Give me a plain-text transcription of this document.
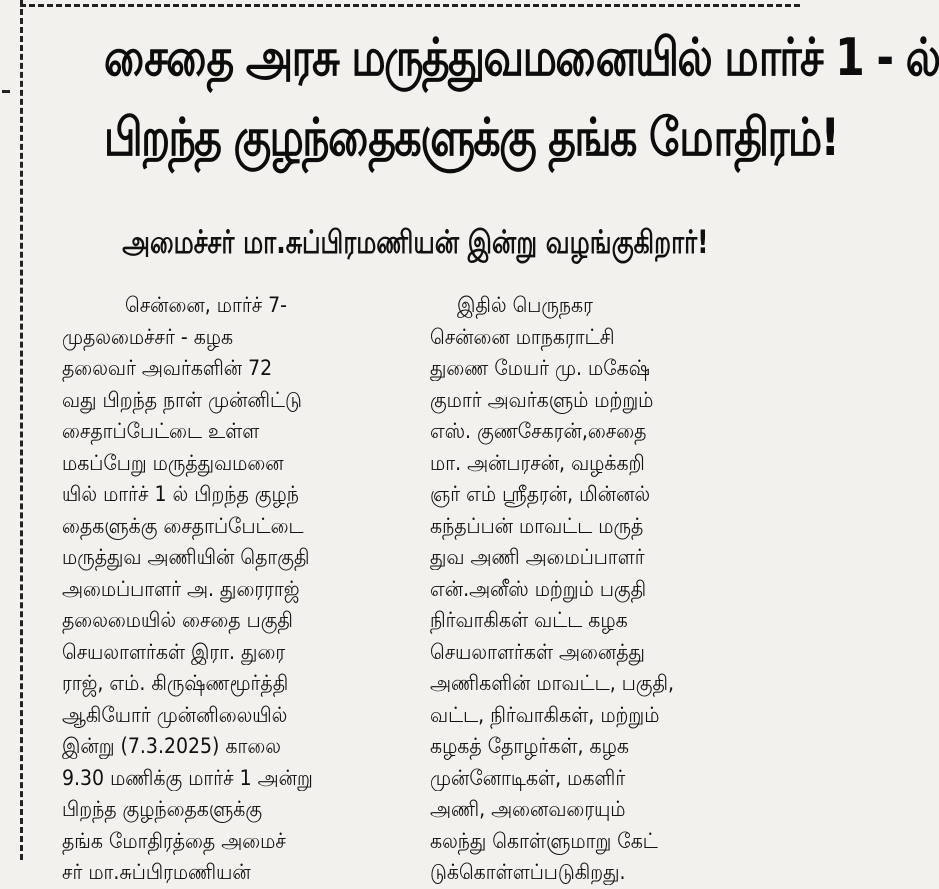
சைதை அரசு மருத்துவமனையில் மார்ச் 1 - ல்
பிறந்த குழந்தைகளுக்கு தங்க மோதிரம்!
அமைச்சர் மா.சுப்பிரமணியன் இன்று வழங்குகிறார்!
சென்னை, மார்ச் 7-
முதலமைச்சர் - கழக
தலைவர் அவர்களின் 72
வது பிறந்த நாள் முன்னிட்டு
சைதாப்பேட்டை உள்ள
மகப்பேறு மருத்துவமனை
யில் மார்ச் 1 ல் பிறந்த குழந்
தைகளுக்கு சைதாப்பேட்டை
மருத்துவ அணியின் தொகுதி
அமைப்பாளர் அ. துரைராஜ்
தலைமையில் சைதை பகுதி
செயலாளர்கள் இரா. துரை
ராஜ், எம். கிருஷ்ணமூர்த்தி
ஆகியோர் முன்னிலையில்
இன்று (7.3.2025) காலை
9.30 மணிக்கு மார்ச் 1 அன்று
பிறந்த குழந்தைகளுக்கு
தங்க மோதிரத்தை அமைச்
சர் மா.சுப்பிரமணியன்
இதில் பெருநகர
சென்னை மாநகராட்சி
துணை மேயர் மு. மகேஷ்
குமார் அவர்களும் மற்றும்
எஸ். குணசேகரன்,சைதை
மா. அன்பரசன், வழக்கறி
ஞர் எம் ஸ்ரீதரன், மின்னல்
கந்தப்பன் மாவட்ட மருத்
துவ அணி அமைப்பாளர்
என்.அனீஸ் மற்றும் பகுதி
நிர்வாகிகள் வட்ட கழக
செயலாளர்கள் அனைத்து
அணிகளின் மாவட்ட, பகுதி,
வட்ட, நிர்வாகிகள், மற்றும்
கழகத் தோழர்கள், கழக
முன்னோடிகள், மகளிர்
அணி, அனைவரையும்
கலந்து கொள்ளுமாறு கேட்
டுக்கொள்ளப்படுகிறது.
